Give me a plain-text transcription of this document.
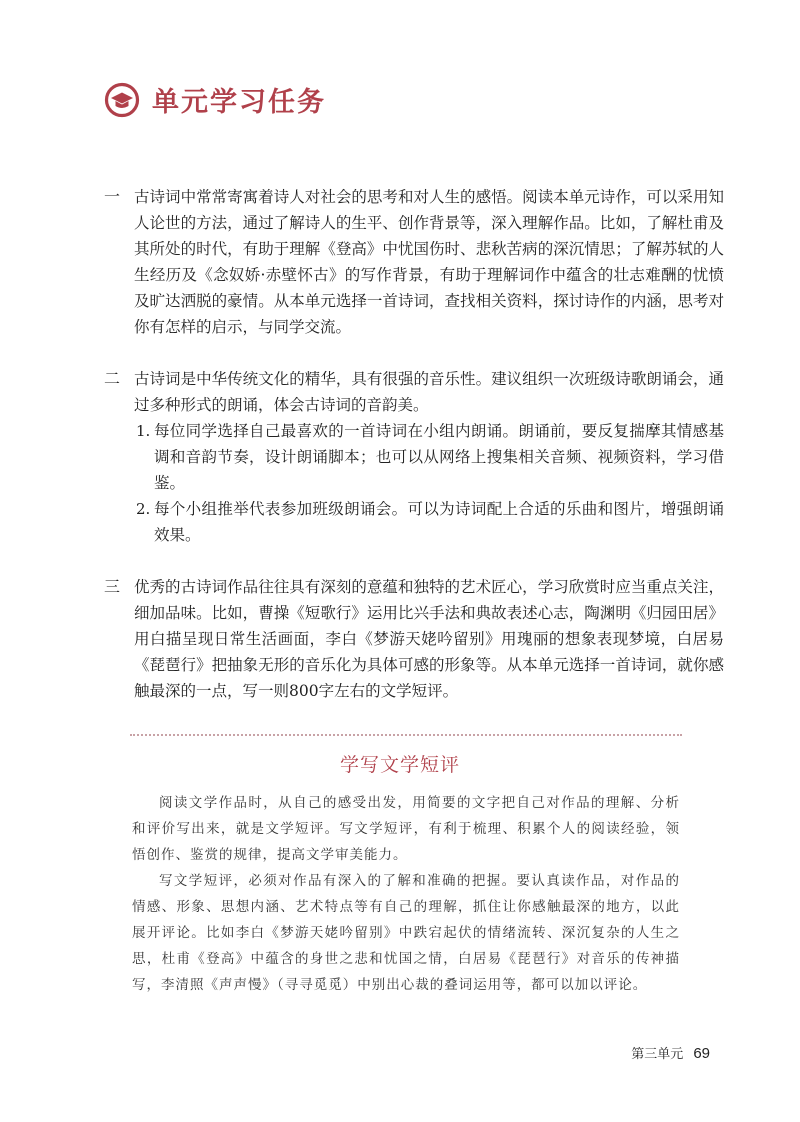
单元学习任务
一 古诗词中常常寄寓着诗人对社会的思考和对人生的感悟。阅读本单元诗作，可以采用知人论世的方法，通过了解诗人的生平、创作背景等，深入理解作品。比如，了解杜甫及其所处的时代，有助于理解《登高》中忧国伤时、悲秋苦病的深沉情思；了解苏轼的人生经历及《念奴娇·赤壁怀古》的写作背景，有助于理解词作中蕴含的壮志难酬的忧愤及旷达洒脱的豪情。从本单元选择一首诗词，查找相关资料，探讨诗作的内涵，思考对你有怎样的启示，与同学交流。
二 古诗词是中华传统文化的精华，具有很强的音乐性。建议组织一次班级诗歌朗诵会，通过多种形式的朗诵，体会古诗词的音韵美。
1. 每位同学选择自己最喜欢的一首诗词在小组内朗诵。朗诵前，要反复揣摩其情感基调和音韵节奏，设计朗诵脚本；也可以从网络上搜集相关音频、视频资料，学习借鉴。
2. 每个小组推举代表参加班级朗诵会。可以为诗词配上合适的乐曲和图片，增强朗诵效果。
三 优秀的古诗词作品往往具有深刻的意蕴和独特的艺术匠心，学习欣赏时应当重点关注，细加品味。比如，曹操《短歌行》运用比兴手法和典故表述心志，陶渊明《归园田居》用白描呈现日常生活画面，李白《梦游天姥吟留别》用瑰丽的想象表现梦境，白居易《琵琶行》把抽象无形的音乐化为具体可感的形象等。从本单元选择一首诗词，就你感触最深的一点，写一则800字左右的文学短评。
学写文学短评

阅读文学作品时，从自己的感受出发，用简要的文字把自己对作品的理解、分析和评价写出来，就是文学短评。写文学短评，有利于梳理、积累个人的阅读经验，领悟创作、鉴赏的规律，提高文学审美能力。

写文学短评，必须对作品有深入的了解和准确的把握。要认真读作品，对作品的情感、形象、思想内涵、艺术特点等有自己的理解，抓住让你感触最深的地方，以此展开评论。比如李白《梦游天姥吟留别》中跌宕起伏的情绪流转、深沉复杂的人生之思，杜甫《登高》中蕴含的身世之悲和忧国之情，白居易《琵琶行》对音乐的传神描写，李清照《声声慢》（寻寻觅觅）中别出心裁的叠词运用等，都可以加以评论。

第三单元 69
